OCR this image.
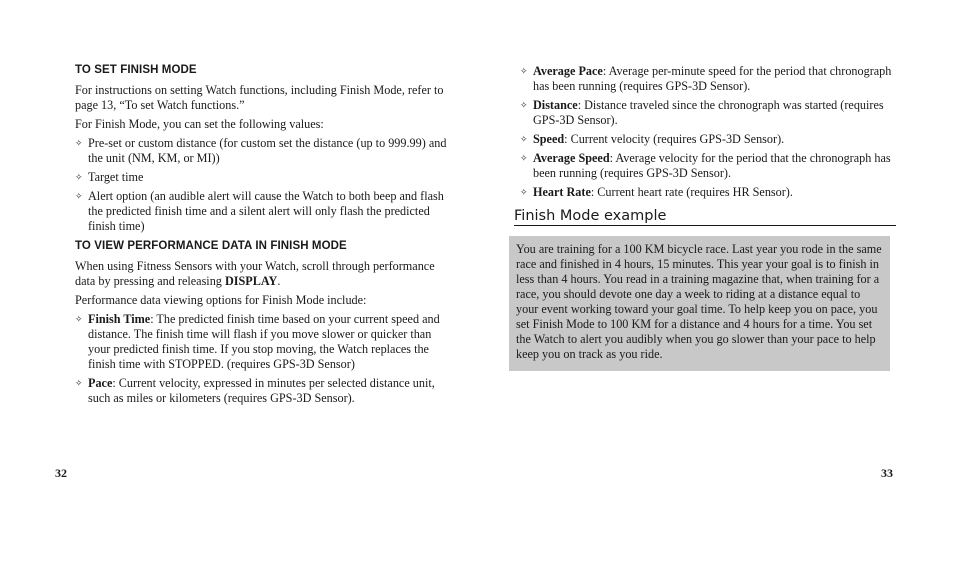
TO SET FINISH MODE

For instructions on setting Watch functions, including Finish Mode, refer to page 13, “To set Watch functions.”

For Finish Mode, you can set the following values:

✧ Pre-set or custom distance (for custom set the distance (up to 999.99) and the unit (NM, KM, or MI))
✧ Target time
✧ Alert option (an audible alert will cause the Watch to both beep and flash the predicted finish time and a silent alert will only flash the predicted finish time)
TO VIEW PERFORMANCE DATA IN FINISH MODE

When using Fitness Sensors with your Watch, scroll through performance data by pressing and releasing DISPLAY.

Performance data viewing options for Finish Mode include:

✧ Finish Time: The predicted finish time based on your current speed and distance. The finish time will flash if you move slower or quicker than your predicted finish time. If you stop moving, the Watch replaces the finish time with STOPPED. (requires GPS-3D Sensor)
✧ Pace: Current velocity, expressed in minutes per selected distance unit, such as miles or kilometers (requires GPS-3D Sensor).
32
✧ Average Pace: Average per-minute speed for the period that chronograph has been running (requires GPS-3D Sensor).
✧ Distance: Distance traveled since the chronograph was started (requires GPS-3D Sensor).
✧ Speed: Current velocity (requires GPS-3D Sensor).
✧ Average Speed: Average velocity for the period that the chronograph has been running (requires GPS-3D Sensor).
✧ Heart Rate: Current heart rate (requires HR Sensor).
Finish Mode example

You are training for a 100 KM bicycle race. Last year you rode in the same race and finished in 4 hours, 15 minutes. This year your goal is to finish in less than 4 hours. You read in a training magazine that, when training for a race, you should devote one day a week to riding at a distance equal to your event working toward your goal time. To help keep you on pace, you set Finish Mode to 100 KM for a distance and 4 hours for a time. You set the Watch to alert you audibly when you go slower than your pace to help keep you on track as you ride.

33
